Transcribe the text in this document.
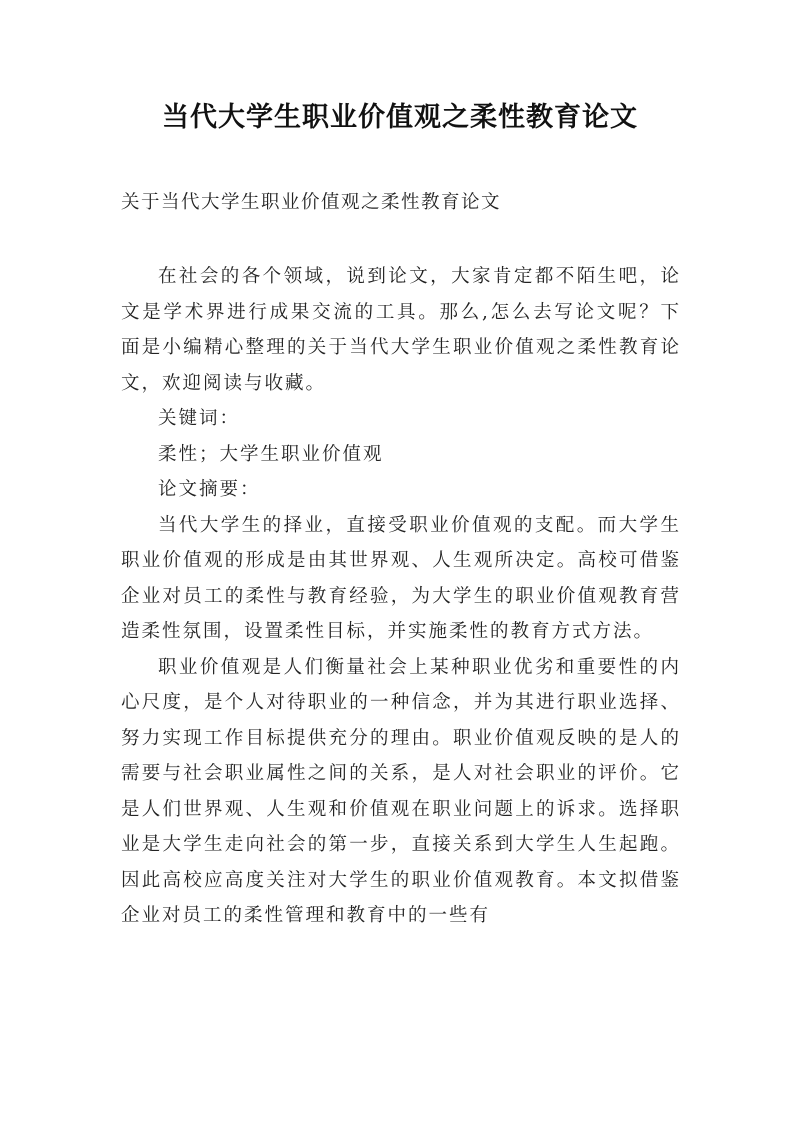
当代大学生职业价值观之柔性教育论文
关于当代大学生职业价值观之柔性教育论文

在社会的各个领域，说到论文，大家肯定都不陌生吧，论文是学术界进行成果交流的工具。那么,怎么去写论文呢？下面是小编精心整理的关于当代大学生职业价值观之柔性教育论文，欢迎阅读与收藏。

关键词：

柔性；大学生职业价值观

论文摘要：

当代大学生的择业，直接受职业价值观的支配。而大学生职业价值观的形成是由其世界观、人生观所决定。高校可借鉴企业对员工的柔性与教育经验，为大学生的职业价值观教育营造柔性氛围，设置柔性目标，并实施柔性的教育方式方法。

职业价值观是人们衡量社会上某种职业优劣和重要性的内心尺度，是个人对待职业的一种信念，并为其进行职业选择、努力实现工作目标提供充分的理由。职业价值观反映的是人的需要与社会职业属性之间的关系，是人对社会职业的评价。它是人们世界观、人生观和价值观在职业问题上的诉求。选择职业是大学生走向社会的第一步，直接关系到大学生人生起跑。因此高校应高度关注对大学生的职业价值观教育。本文拟借鉴企业对员工的柔性管理和教育中的一些有
